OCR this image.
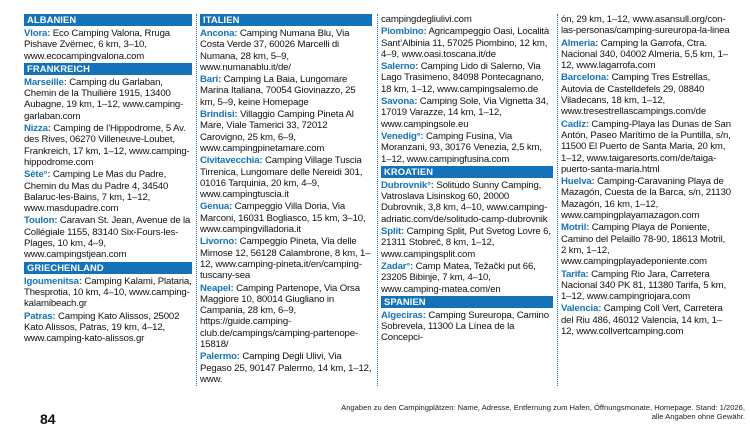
ALBANIEN
Vlora: Eco Camping Valona, Rruga Pishave Zvërnec, 6 km, 3–10, www.ecocampingvalona.com
FRANKREICH
Marseille: Camping du Garlaban, Chemin de la Thuilière 1915, 13400 Aubagne, 19 km, 1–12, www.camping-garlaban.com
Nizza: Camping de l’Hippodrome, 5 Av. des Rives, 06270 Villeneuve-Loubet, Frankreich, 17 km, 1–12, www.camping-hippodrome.com
Sète°: Camping Le Mas du Padre, Chemin du Mas du Padre 4, 34540 Balaruc-les-Bains, 7 km, 1–12, www.masdupadre.com
Toulon: Caravan St. Jean, Avenue de la Collégiale 1155, 83140 Six-Fours-les-Plages, 10 km, 4–9, www.campingstjean.com
GRIECHENLAND
Igoumenitsa: Camping Kalami, Plataria, Thesprotia, 10 km, 4–10, www.camping-kalamibeach.gr
Patras: Camping Kato Alissos, 25002 Kato Alissos, Patras, 19 km, 4–12, www.camping-kato-alissos.gr
ITALIEN
Ancona: Camping Numana Blu, Via Costa Verde 37, 60026 Marcelli di Numana, 28 km, 5–9, www.numanablu.it/de/
Bari: Camping La Baia, Lungomare Marina Italiana, 70054 Giovinazzo, 25 km, 5–9, keine Homepage
Brindisi: Villaggio Camping Pineta Al Mare, Viale Tamerici 33, 72012 Carovigno, 25 km, 6–9, www.campingpinetamare.com
Civitavecchia: Camping Village Tuscia Tirrenica, Lungomare delle Nereidi 301, 01016 Tarquinia, 20 km, 4–9, www.campingtuscia.it
Genua: Campeggio Villa Doria, Via Marconi, 16031 Bogliasco, 15 km, 3–10, www.campingvilladoria.it
Livorno: Campeggio Pineta, Via delle Mimose 12, 56128 Calambrone, 8 km, 1–12, www.camping-pineta.it/en/camping-tuscany-sea
Neapel: Camping Partenope, Via Orsa Maggiore 10, 80014 Giugliano in Campania, 28 km, 6–9, https://guide.camping-club.de/campings/camping-partenope-15818/
Palermo: Camping Degli Ulivi, Via Pegaso 25, 90147 Palermo, 14 km, 1–12, www.
campingdegliulivi.com
Piombino: Agricampeggio Oasi, Località Sant’Albinia 11, 57025 Piombino, 12 km, 4–9, www.oasi.toscana.it/de
Salerno: Camping Lido di Salerno, Via Lago Trasimeno, 84098 Pontecagnano, 18 km, 1–12, www.campingsalerno.de
Savona: Camping Sole, Via Vignetta 34, 17019 Varazze, 14 km, 1–12, www.campingsole.eu
Venedig°: Camping Fusina, Via Moranzani, 93, 30176 Venezia, 2,5 km, 1–12, www.campingfusina.com
KROATIEN
Dubrovnik°: Solitudo Sunny Camping, Vatroslava Lisinskog 60, 20000 Dubrovnik, 3,8 km, 4–10, www.camping-adriatic.com/de/solitudo-camp-dubrovnik
Split: Camping Split, Put Svetog Lovre 6, 21311 Stobreč, 8 km, 1–12, www.campingsplit.com
Zadar°: Camp Matea, Težački put 66, 23205 Bibinje, 7 km, 4–10, www.camping-matea.com/en
SPANIEN
Algeciras: Camping Sureuropa, Camino Sobrevela, 11300 La Línea de la Concepci-
ón, 29 km, 1–12, www.asansull.org/con-las-personas/camping-sureuropa-la-linea
Almeria: Camping la Garrofa, Ctra. Nacional 340, 04002 Almeria, 5,5 km, 1–12, www.lagarrofa.com
Barcelona: Camping Tres Estrellas, Autovia de Castelldefels 29, 08840 Viladecans, 18 km, 1–12, www.tresestrellascampings.com/de
Cadiz: Camping-Playa las Dunas de San Antón, Paseo Marítimo de la Puntilla, s/n, 11500 El Puerto de Santa Maria, 20 km, 1–12, www.taigaresorts.com/de/taiga-puerto-santa-maria.html
Huelva: Camping-Caravaning Playa de Mazagón, Cuesta de la Barca, s/n, 21130 Mazagón, 16 km, 1–12, www.campingplayamazagon.com
Motril: Camping Playa de Poniente, Camino del Pelaillo 78-90, 18613 Motril, 2 km, 1–12, www.campingplayadeponiente.com
Tarifa: Camping Rio Jara, Carretera Nacional 340 PK 81, 11380 Tarifa, 5 km, 1–12, www.campingriojara.com
Valencia: Camping Coll Vert, Carretera del Riu 486, 46012 Valencia, 14 km, 1–12, www.collvertcamping.com
Angaben zu den Campingplätzen: Name, Adresse, Entfernung zum Hafen, Öffnungsmonate, Homepage. Stand: 1/2026, alle Angaben ohne Gewähr.
84
